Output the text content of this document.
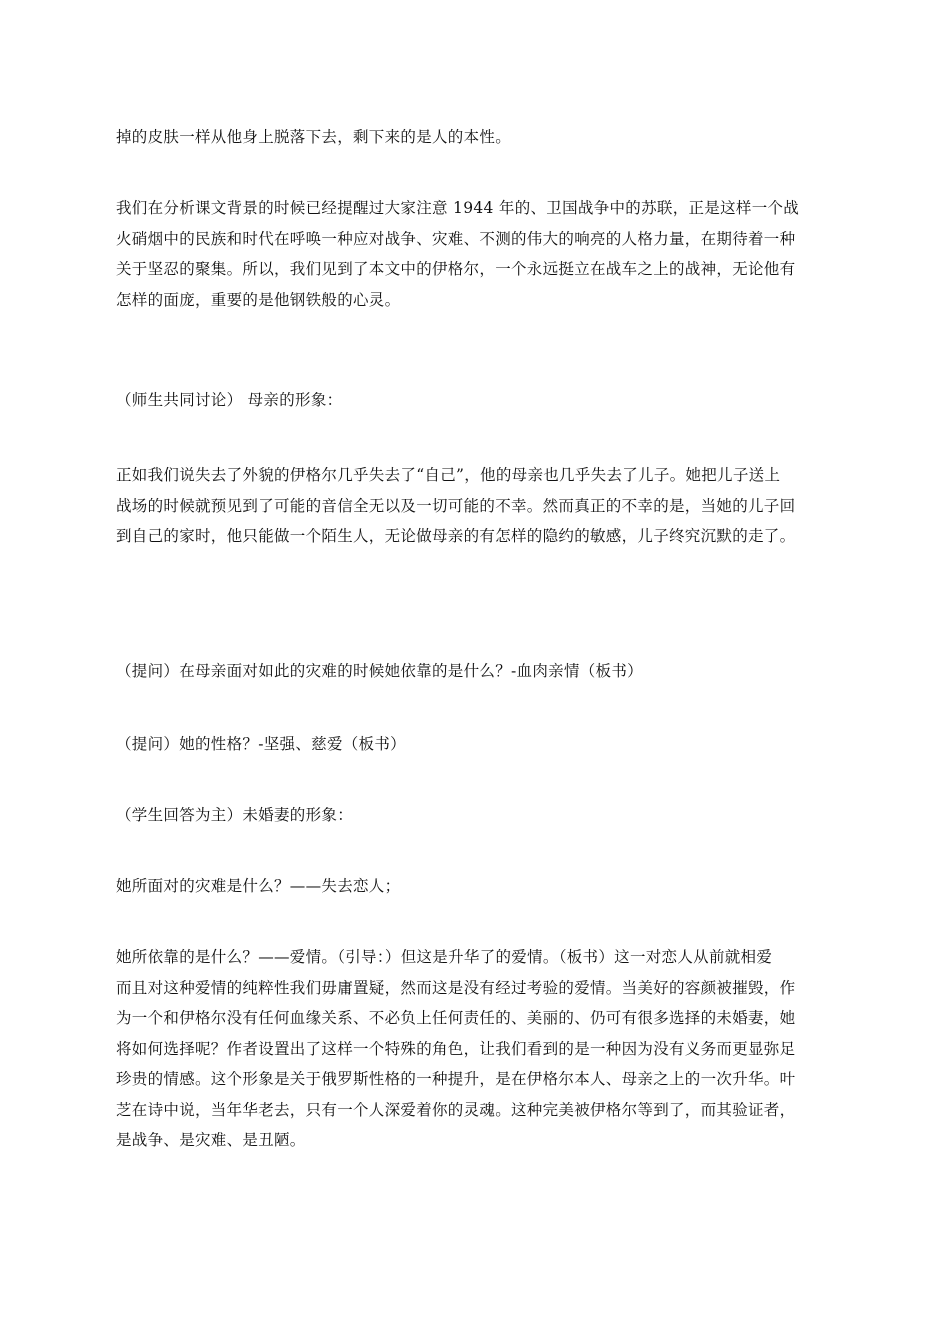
掉的皮肤一样从他身上脱落下去，剩下来的是人的本性。
我们在分析课文背景的时候已经提醒过大家注意 1944 年的、卫国战争中的苏联，正是这样一个战
火硝烟中的民族和时代在呼唤一种应对战争、灾难、不测的伟大的响亮的人格力量，在期待着一种
关于坚忍的聚集。所以，我们见到了本文中的伊格尔，一个永远挺立在战车之上的战神，无论他有
怎样的面庞，重要的是他钢铁般的心灵。
（师生共同讨论） 母亲的形象：
正如我们说失去了外貌的伊格尔几乎失去了“自己”，他的母亲也几乎失去了儿子。她把儿子送上
战场的时候就预见到了可能的音信全无以及一切可能的不幸。然而真正的不幸的是，当她的儿子回
到自己的家时，他只能做一个陌生人，无论做母亲的有怎样的隐约的敏感，儿子终究沉默的走了。
（提问）在母亲面对如此的灾难的时候她依靠的是什么？-血肉亲情（板书）
（提问）她的性格？-坚强、慈爱（板书）
（学生回答为主）未婚妻的形象：
她所面对的灾难是什么？——失去恋人；
她所依靠的是什么？——爱情。（引导：）但这是升华了的爱情。（板书）这一对恋人从前就相爱
而且对这种爱情的纯粹性我们毋庸置疑，然而这是没有经过考验的爱情。当美好的容颜被摧毁，作
为一个和伊格尔没有任何血缘关系、不必负上任何责任的、美丽的、仍可有很多选择的未婚妻，她
将如何选择呢？作者设置出了这样一个特殊的角色，让我们看到的是一种因为没有义务而更显弥足
珍贵的情感。这个形象是关于俄罗斯性格的一种提升，是在伊格尔本人、母亲之上的一次升华。叶
芝在诗中说，当年华老去，只有一个人深爱着你的灵魂。这种完美被伊格尔等到了，而其验证者，
是战争、是灾难、是丑陋。
